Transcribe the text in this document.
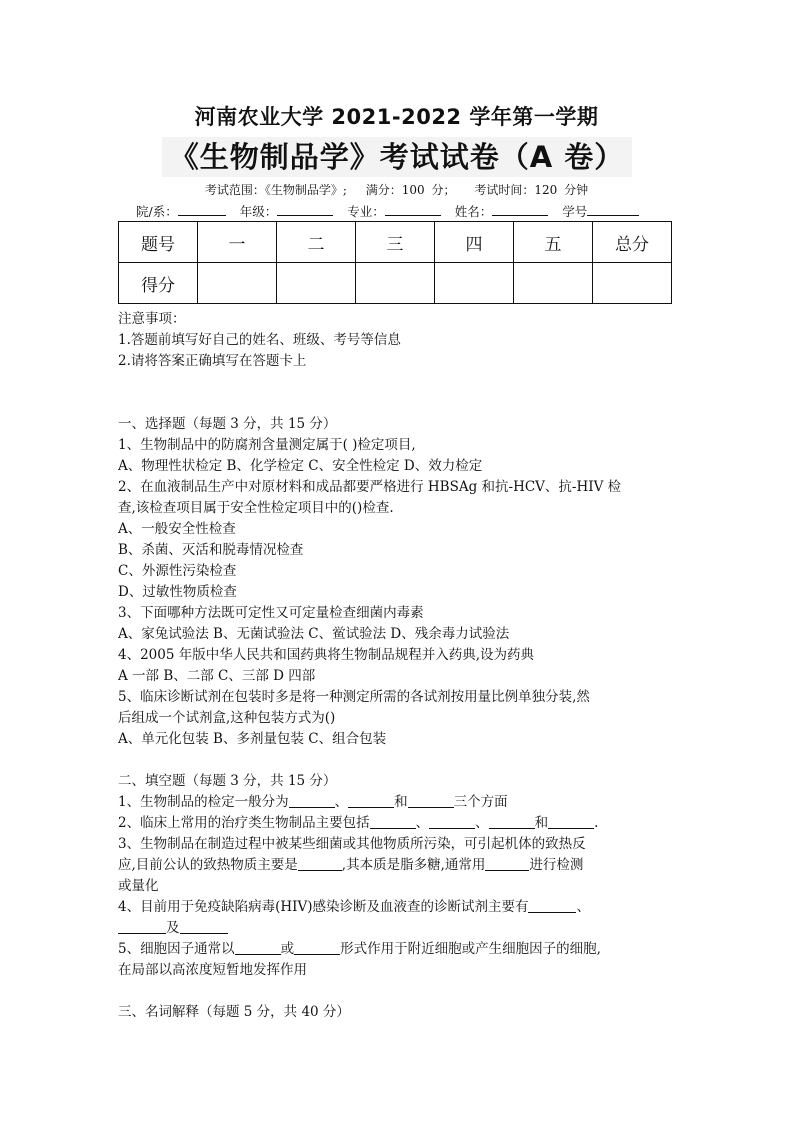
河南农业大学 2021-2022 学年第一学期
《生物制品学》考试试卷（A 卷）
考试范围：《生物制品学》; 满分：100 分； 考试时间：120 分钟
院/系：	年级：	专业：	姓名：	学号
题号	一	二	三	四	五	总分
得分						
注意事项：
1.答题前填写好自己的姓名、班级、考号等信息
2.请将答案正确填写在答题卡上
一、选择题（每题 3 分，共 15 分）
1、生物制品中的防腐剂含量测定属于( )检定项目,
A、物理性状检定 B、化学检定 C、安全性检定 D、效力检定
2、在血液制品生产中对原材料和成品都要严格进行 HBSAg 和抗-HCV、抗-HIV 检
查,该检查项目属于安全性检定项目中的()检查.
A、一般安全性检查
B、杀菌、灭活和脱毒情况检查
C、外源性污染检查
D、过敏性物质检查
3、下面哪种方法既可定性又可定量检查细菌内毒素
A、家兔试验法 B、无菌试验法 C、鲎试验法 D、残余毒力试验法
4、2005 年版中华人民共和国药典将生物制品规程并入药典,设为药典
A 一部 B、二部 C、三部 D 四部
5、临床诊断试剂在包装时多是将一种测定所需的各试剂按用量比例单独分装,然
后组成一个试剂盒,这种包装方式为()
A、单元化包装 B、多剂量包装 C、组合包装
二、填空题（每题 3 分，共 15 分）
1、生物制品的检定一般分为	、	和	三个方面
2、临床上常用的治疗类生物制品主要包括	、	、	和	.
3、生物制品在制造过程中被某些细菌或其他物质所污染，可引起机体的致热反
应,目前公认的致热物质主要是	,其本质是脂多糖,通常用	进行检测
或量化
4、目前用于免疫缺陷病毒(HIV)感染诊断及血液查的诊断试剂主要有	、
及
5、细胞因子通常以	或	形式作用于附近细胞或产生细胞因子的细胞,
在局部以高浓度短暂地发挥作用
三、名词解释（每题 5 分，共 40 分）
